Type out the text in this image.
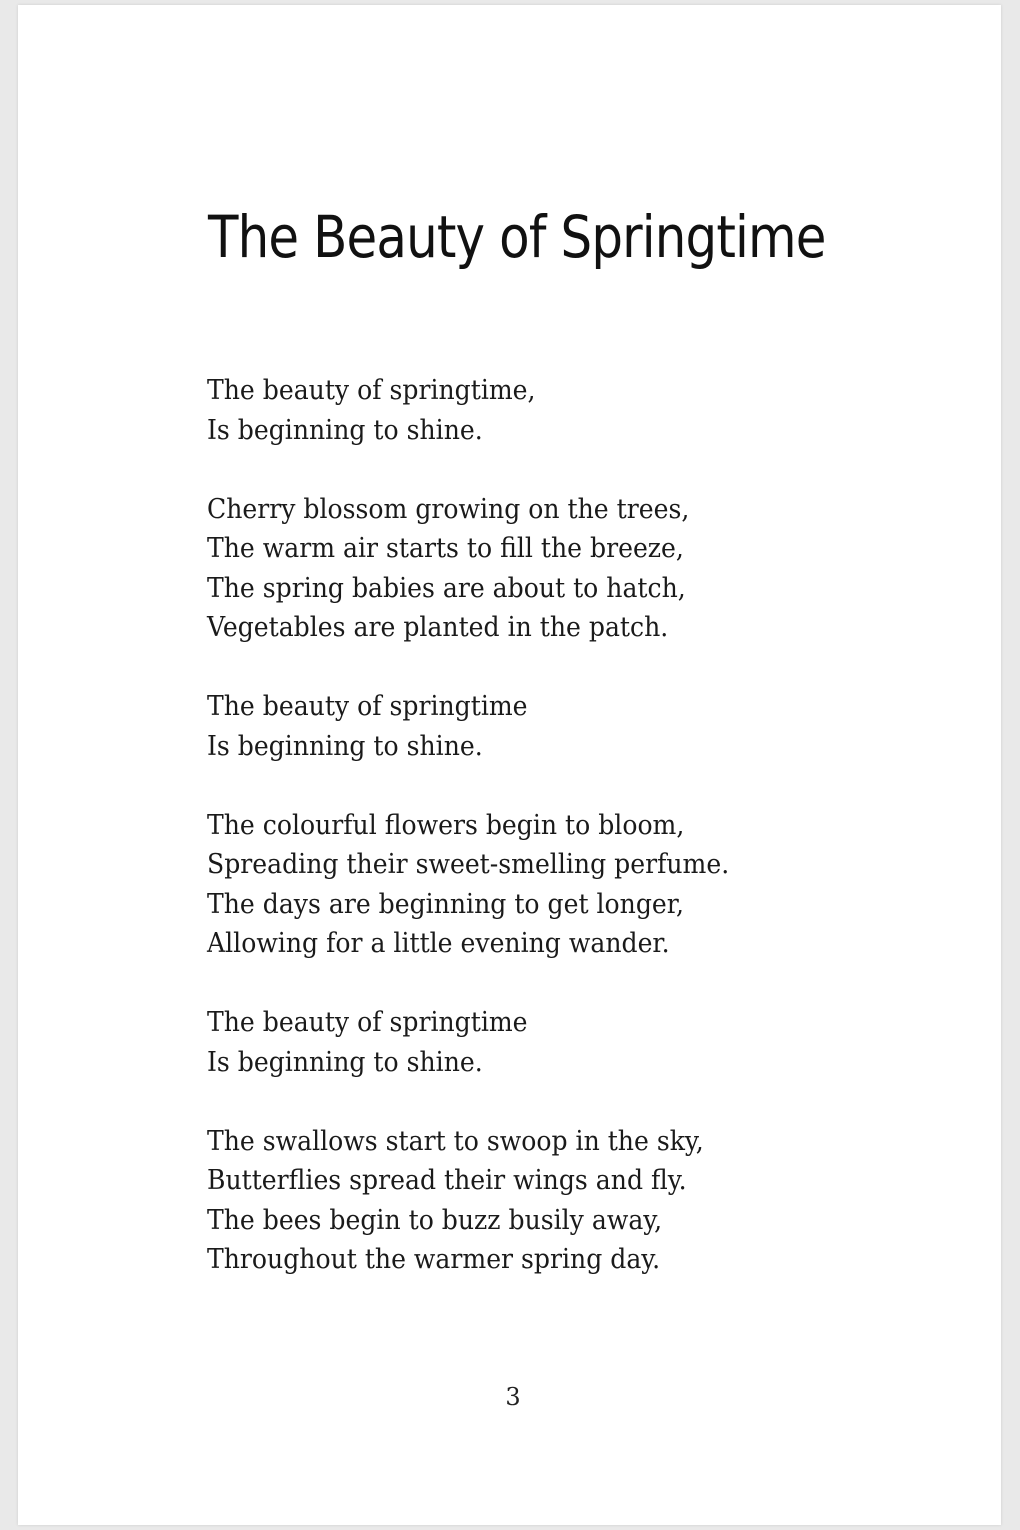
The Beauty of Springtime
The beauty of springtime,
Is beginning to shine.
Cherry blossom growing on the trees,
The warm air starts to fill the breeze,
The spring babies are about to hatch,
Vegetables are planted in the patch.
The beauty of springtime
Is beginning to shine.
The colourful flowers begin to bloom,
Spreading their sweet-smelling perfume.
The days are beginning to get longer,
Allowing for a little evening wander.
The beauty of springtime
Is beginning to shine.
The swallows start to swoop in the sky,
Butterflies spread their wings and fly.
The bees begin to buzz busily away,
Throughout the warmer spring day.
3
